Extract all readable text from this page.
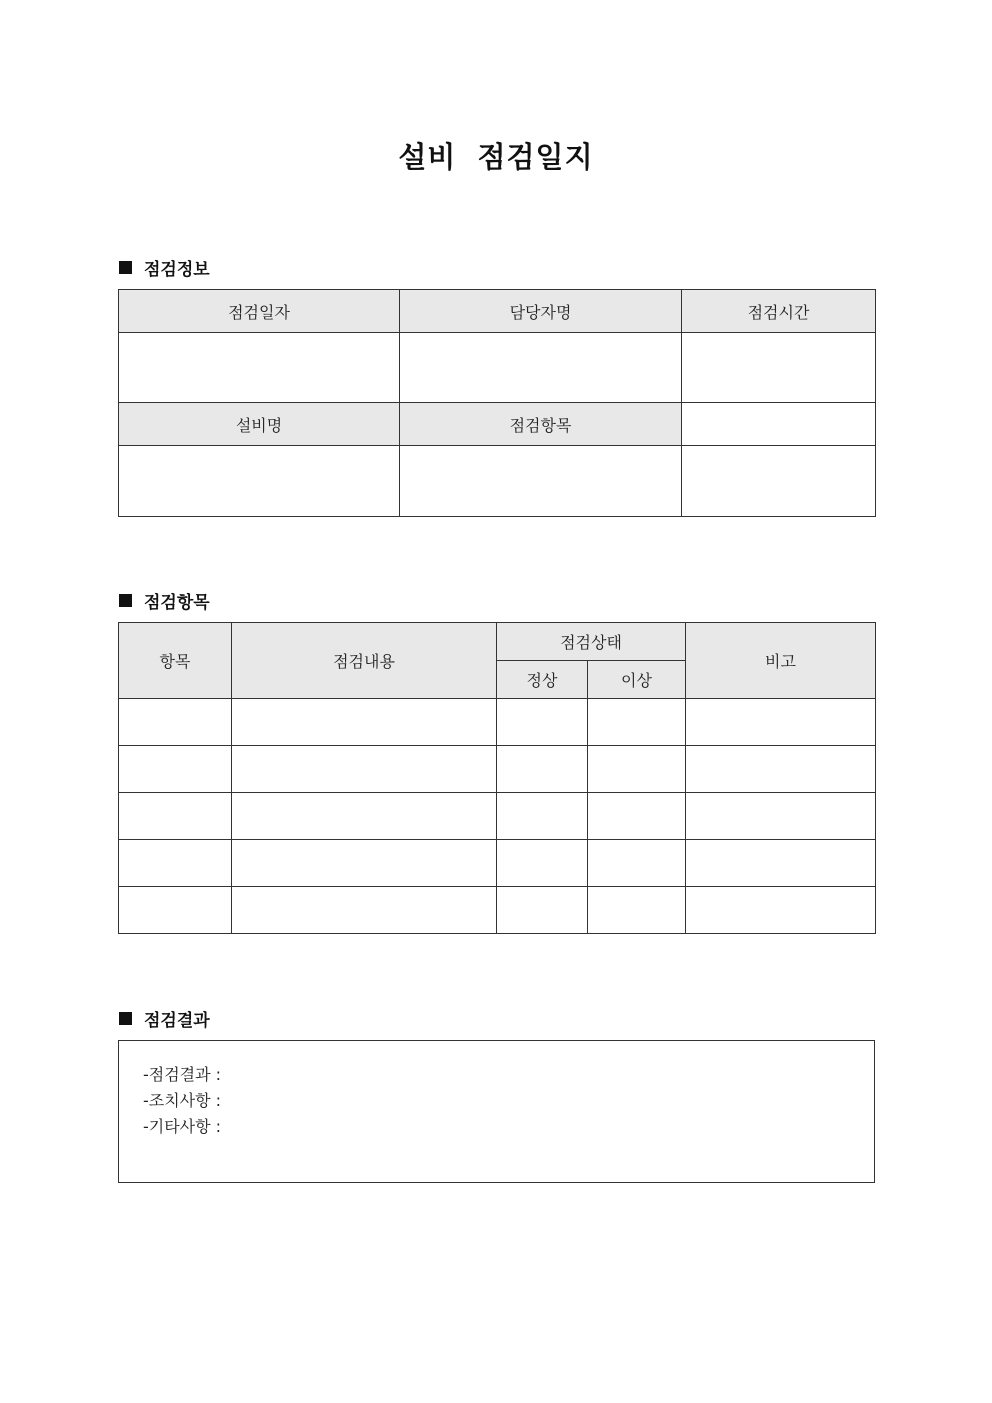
설비 점검일지
점검정보
점검일자	담당자명	점검시간

설비명	점검항목	

점검항목
항목	점검내용	점검상태		비고
		정상	이상	

점검결과
-점검결과 :
-조치사항 :
-기타사항 :
